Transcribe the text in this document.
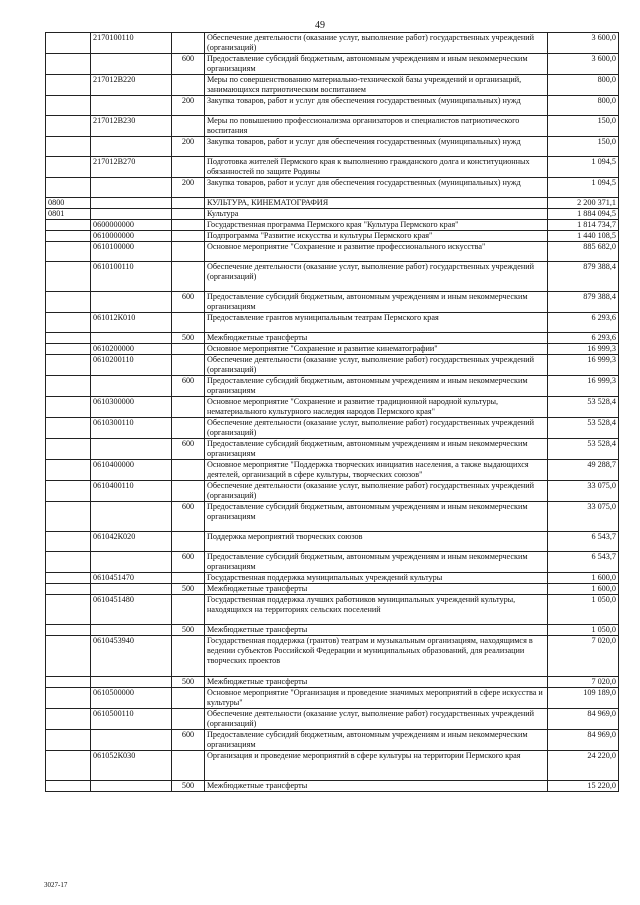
49
	2170100110		Обеспечение деятельности (оказание услуг, выполнение работ) государственных учреждений (организаций)	3 600,0
		600	Предоставление субсидий бюджетным, автономным учреждениям и иным некоммерческим организациям	3 600,0
	217012В220		Меры по совершенствованию материально-технической базы учреждений и организаций, занимающихся патриотическим воспитанием	800,0
		200	Закупка товаров, работ и услуг для обеспечения государственных (муниципальных) нужд	800,0
	217012В230		Меры по повышению профессионализма организаторов и специалистов патриотического воспитания	150,0
		200	Закупка товаров, работ и услуг для обеспечения государственных (муниципальных) нужд	150,0
	217012В270		Подготовка жителей Пермского края к выполнению гражданского долга и конституционных обязанностей по защите Родины	1 094,5
		200	Закупка товаров, работ и услуг для обеспечения государственных (муниципальных) нужд	1 094,5
0800			КУЛЬТУРА, КИНЕМАТОГРАФИЯ	2 200 371,1
0801			Культура	1 884 094,5
	0600000000		Государственная программа Пермского края "Культура Пермского края"	1 814 734,7
	0610000000		Подпрограмма "Развитие искусства и культуры Пермского края"	1 440 108,5
	0610100000		Основное мероприятие "Сохранение и развитие профессионального искусства"	885 682,0
	0610100110		Обеспечение деятельности (оказание услуг, выполнение работ) государственных учреждений (организаций)	879 388,4
		600	Предоставление субсидий бюджетным, автономным учреждениям и иным некоммерческим организациям	879 388,4
	061012К010		Предоставление грантов муниципальным театрам Пермского края	6 293,6
		500	Межбюджетные трансферты	6 293,6
	0610200000		Основное мероприятие "Сохранение и развитие кинематографии"	16 999,3
	0610200110		Обеспечение деятельности (оказание услуг, выполнение работ) государственных учреждений (организаций)	16 999,3
		600	Предоставление субсидий бюджетным, автономным учреждениям и иным некоммерческим организациям	16 999,3
	0610300000		Основное мероприятие "Сохранение и развитие традиционной народной культуры, нематериального культурного наследия народов Пермского края"	53 528,4
	0610300110		Обеспечение деятельности (оказание услуг, выполнение работ) государственных учреждений (организаций)	53 528,4
		600	Предоставление субсидий бюджетным, автономным учреждениям и иным некоммерческим организациям	53 528,4
	0610400000		Основное мероприятие "Поддержка творческих инициатив населения, а также выдающихся деятелей, организаций в сфере культуры, творческих союзов"	49 288,7
	0610400110		Обеспечение деятельности (оказание услуг, выполнение работ) государственных учреждений (организаций)	33 075,0
		600	Предоставление субсидий бюджетным, автономным учреждениям и иным некоммерческим организациям	33 075,0
	061042К020		Поддержка мероприятий творческих союзов	6 543,7
		600	Предоставление субсидий бюджетным, автономным учреждениям и иным некоммерческим организациям	6 543,7
	0610451470		Государственная поддержка муниципальных учреждений культуры	1 600,0
		500	Межбюджетные трансферты	1 600,0
	0610451480		Государственная поддержка лучших работников муниципальных учреждений культуры, находящихся на территориях сельских поселений	1 050,0
		500	Межбюджетные трансферты	1 050,0
	0610453940		Государственная поддержка (грантов) театрам и музыкальным организациям, находящимся в ведении субъектов Российской Федерации и муниципальных образований, для реализации творческих проектов	7 020,0
		500	Межбюджетные трансферты	7 020,0
	0610500000		Основное мероприятие "Организация и проведение значимых мероприятий в сфере искусства и культуры"	109 189,0
	0610500110		Обеспечение деятельности (оказание услуг, выполнение работ) государственных учреждений (организаций)	84 969,0
		600	Предоставление субсидий бюджетным, автономным учреждениям и иным некоммерческим организациям	84 969,0
	061052К030		Организация и проведение мероприятий в сфере культуры на территории Пермского края	24 220,0
		500	Межбюджетные трансферты	15 220,0
3027-17
